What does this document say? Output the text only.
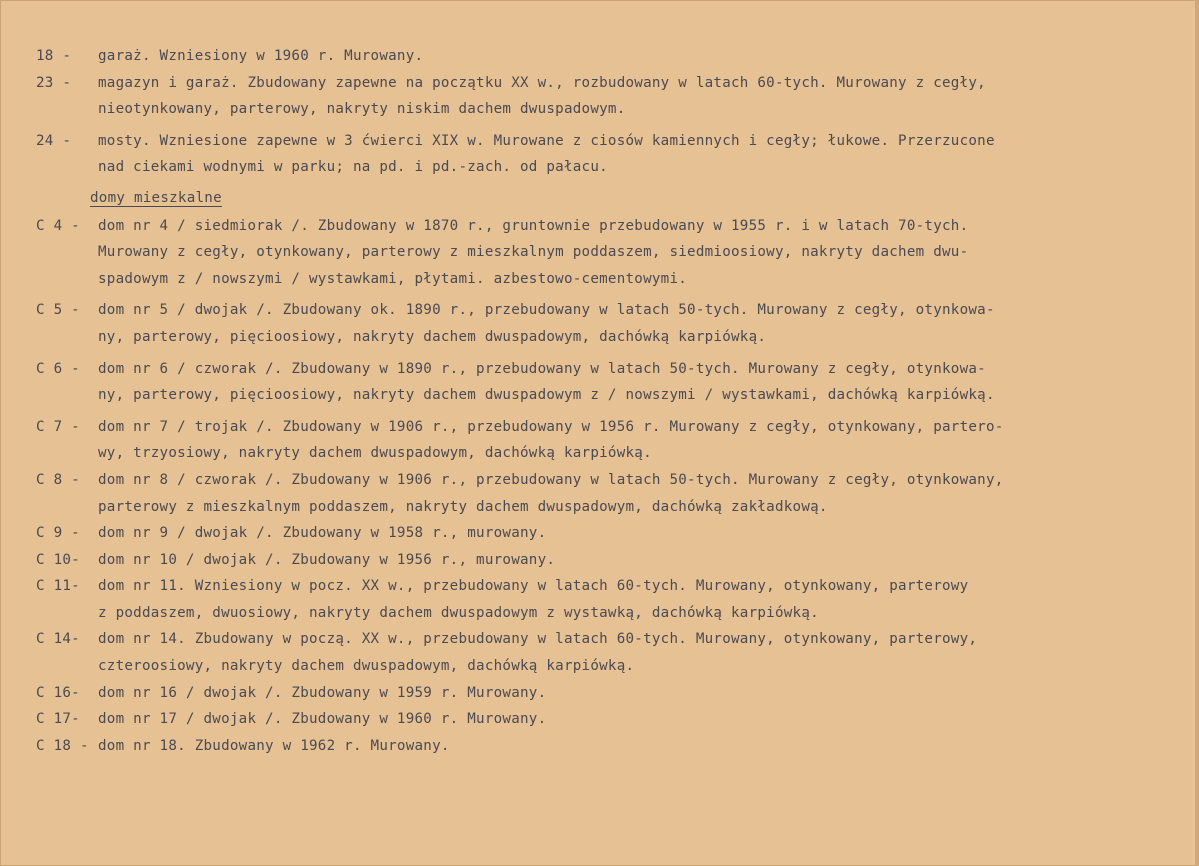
18 -	garaż. Wzniesiony w 1960 r. Murowany.
23 -	magazyn i garaż. Zbudowany zapewne na początku XX w., rozbudowany w latach 60-tych. Murowany z cegły,
nieotynkowany, parterowy, nakryty niskim dachem dwuspadowym.
24 -	mosty. Wzniesione zapewne w 3 ćwierci XIX w. Murowane z ciosów kamiennych i cegły; łukowe. Przerzucone
nad ciekami wodnymi w parku; na pd. i pd.-zach. od pałacu.
domy mieszkalne
C 4 -	dom nr 4 / siedmiorak /. Zbudowany w 1870 r., gruntownie przebudowany w 1955 r. i w latach 70-tych.
Murowany z cegły, otynkowany, parterowy z mieszkalnym poddaszem, siedmioosiowy, nakryty dachem dwu-
spadowym z / nowszymi / wystawkami, płytami. azbestowo-cementowymi.
C 5 -	dom nr 5 / dwojak /. Zbudowany ok. 1890 r., przebudowany w latach 50-tych. Murowany z cegły, otynkowa-
ny, parterowy, pięcioosiowy, nakryty dachem dwuspadowym, dachówką karpiówką.
C 6 -	dom nr 6 / czworak /. Zbudowany w 1890 r., przebudowany w latach 50-tych. Murowany z cegły, otynkowa-
ny, parterowy, pięcioosiowy, nakryty dachem dwuspadowym z / nowszymi / wystawkami, dachówką karpiówką.
C 7 -	dom nr 7 / trojak /. Zbudowany w 1906 r., przebudowany w 1956 r. Murowany z cegły, otynkowany, partero-
wy, trzyosiowy, nakryty dachem dwuspadowym, dachówką karpiówką.
C 8 -	dom nr 8 / czworak /. Zbudowany w 1906 r., przebudowany w latach 50-tych. Murowany z cegły, otynkowany,
parterowy z mieszkalnym poddaszem, nakryty dachem dwuspadowym, dachówką zakładkową.
C 9 -	dom nr 9 / dwojak /. Zbudowany w 1958 r., murowany.
C 10-	dom nr 10 / dwojak /. Zbudowany w 1956 r., murowany.
C 11-	dom nr 11. Wzniesiony w pocz. XX w., przebudowany w latach 60-tych. Murowany, otynkowany, parterowy
z poddaszem, dwuosiowy, nakryty dachem dwuspadowym z wystawką, dachówką karpiówką.
C 14-	dom nr 14. Zbudowany w począ. XX w., przebudowany w latach 60-tych. Murowany, otynkowany, parterowy,
czteroosiowy, nakryty dachem dwuspadowym, dachówką karpiówką.
C 16-	dom nr 16 / dwojak /. Zbudowany w 1959 r. Murowany.
C 17-	dom nr 17 / dwojak /. Zbudowany w 1960 r. Murowany.
C 18 - dom nr 18. Zbudowany w 1962 r. Murowany.
